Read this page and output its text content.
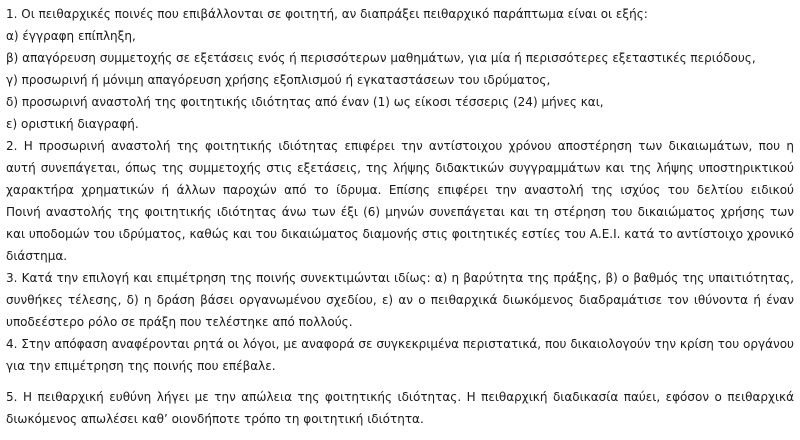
1. Οι πειθαρχικές ποινές που επιβάλλονται σε φοιτητή, αν διαπράξει πειθαρχικό παράπτωμα είναι οι εξής:
α) έγγραφη επίπληξη,
β) απαγόρευση συμμετοχής σε εξετάσεις ενός ή περισσότερων μαθημάτων, για μία ή περισσότερες εξεταστικές περιόδους,
γ) προσωρινή ή μόνιμη απαγόρευση χρήσης εξοπλισμού ή εγκαταστάσεων του ιδρύματος,
δ) προσωρινή αναστολή της φοιτητικής ιδιότητας από έναν (1) ως είκοσι τέσσερις (24) μήνες και,
ε) οριστική διαγραφή.
2. Η προσωρινή αναστολή της φοιτητικής ιδιότητας επιφέρει την αντίστοιχου χρόνου αποστέρηση των δικαιωμάτων, που η
αυτή συνεπάγεται, όπως της συμμετοχής στις εξετάσεις, της λήψης διδακτικών συγγραμμάτων και της λήψης υποστηρικτικού
χαρακτήρα χρηματικών ή άλλων παροχών από το ίδρυμα. Επίσης επιφέρει την αναστολή της ισχύος του δελτίου ειδικού
Ποινή αναστολής της φοιτητικής ιδιότητας άνω των έξι (6) μηνών συνεπάγεται και τη στέρηση του δικαιώματος χρήσης των
και υποδομών του ιδρύματος, καθώς και του δικαιώματος διαμονής στις φοιτητικές εστίες του Α.Ε.Ι. κατά το αντίστοιχο χρονικό
διάστημα.
3. Κατά την επιλογή και επιμέτρηση της ποινής συνεκτιμώνται ιδίως: α) η βαρύτητα της πράξης, β) ο βαθμός της υπαιτιότητας,
συνθήκες τέλεσης, δ) η δράση βάσει οργανωμένου σχεδίου, ε) αν ο πειθαρχικά διωκόμενος διαδραμάτισε τον ιθύνοντα ή έναν
υποδεέστερο ρόλο σε πράξη που τελέστηκε από πολλούς.
4. Στην απόφαση αναφέρονται ρητά οι λόγοι, με αναφορά σε συγκεκριμένα περιστατικά, που δικαιολογούν την κρίση του οργάνου
για την επιμέτρηση της ποινής που επέβαλε.
5. Η πειθαρχική ευθύνη λήγει με την απώλεια της φοιτητικής ιδιότητας. Η πειθαρχική διαδικασία παύει, εφόσον ο πειθαρχικά
διωκόμενος απωλέσει καθ’ οιονδήποτε τρόπο τη φοιτητική ιδιότητα.
